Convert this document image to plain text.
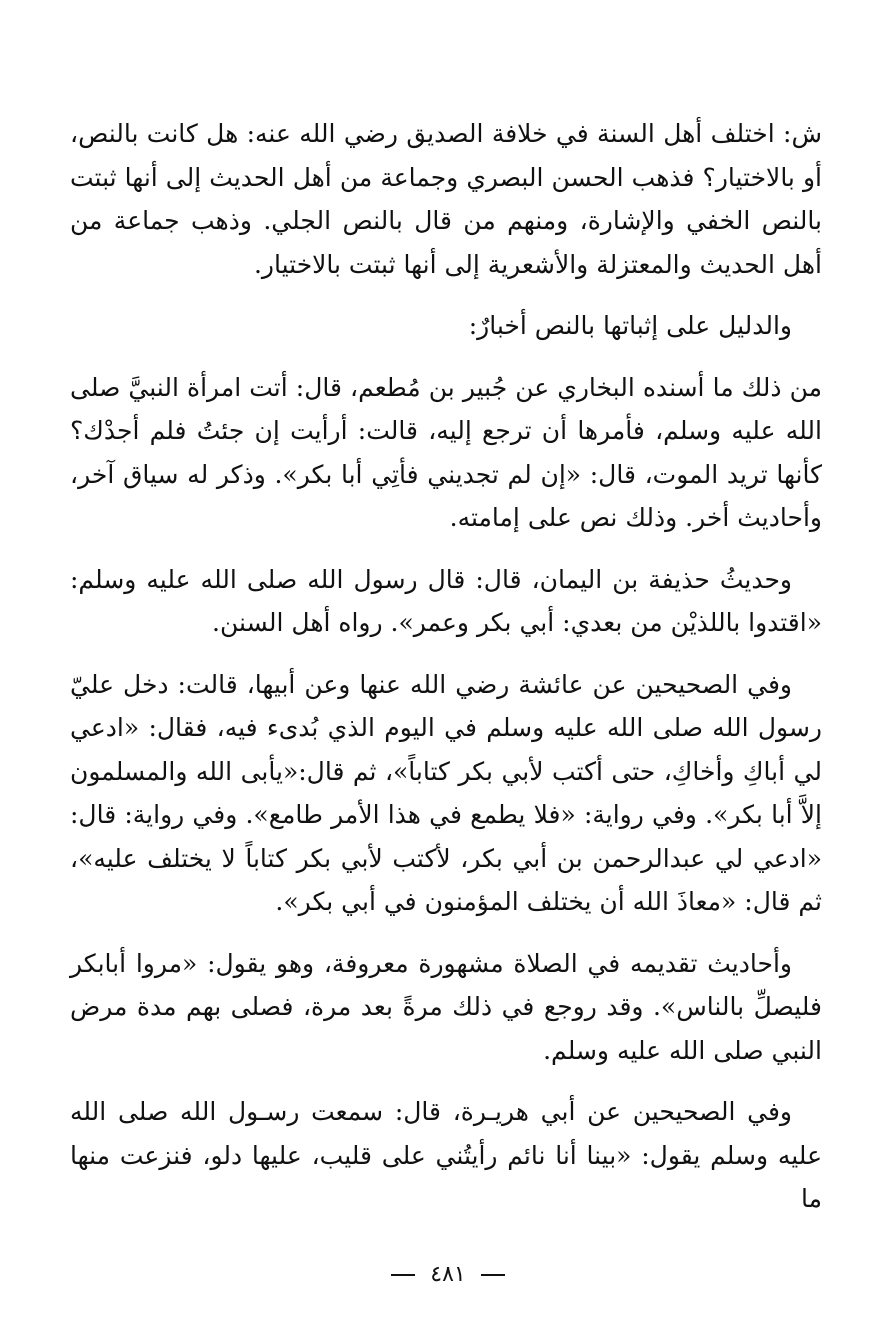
ش: اختلف أهل السنة في خلافة الصديق رضي الله عنه: هل كانت بالنص، أو بالاختيار؟ فذهب الحسن البصري وجماعة من أهل الحديث إلى أنها ثبتت بالنص الخفي والإشارة، ومنهم من قال بالنص الجلي. وذهب جماعة من أهل الحديث والمعتزلة والأشعرية إلى أنها ثبتت بالاختيار.

والدليل على إثباتها بالنص أخبارٌ:

من ذلك ما أسنده البخاري عن جُبير بن مُطعم، قال: أتت امرأة النبيَّ صلى الله عليه وسلم، فأمرها أن ترجع إليه، قالت: أرأيت إن جئتُ فلم أجدْك؟ كأنها تريد الموت، قال: «إن لم تجديني فأتِي أبا بكر». وذكر له سياق آخر، وأحاديث أخر. وذلك نص على إمامته.

وحديثُ حذيفة بن اليمان، قال: قال رسول الله صلى الله عليه وسلم: «اقتدوا باللذيْن من بعدي: أبي بكر وعمر». رواه أهل السنن.

وفي الصحيحين عن عائشة رضي الله عنها وعن أبيها، قالت: دخل عليّ رسول الله صلى الله عليه وسلم في اليوم الذي بُدىء فيه، فقال: «ادعي لي أباكِ وأخاكِ، حتى أكتب لأبي بكر كتاباً»، ثم قال:«يأبى الله والمسلمون إلاَّ أبا بكر». وفي رواية: «فلا يطمع في هذا الأمر طامع». وفي رواية: قال: «ادعي لي عبدالرحمن بن أبي بكر، لأكتب لأبي بكر كتاباً لا يختلف عليه»، ثم قال: «معاذَ الله أن يختلف المؤمنون في أبي بكر».

وأحاديث تقديمه في الصلاة مشهورة معروفة، وهو يقول: «مروا أبابكر فليصلِّ بالناس». وقد روجع في ذلك مرةً بعد مرة، فصلى بهم مدة مرض النبي صلى الله عليه وسلم.

وفي الصحيحين عن أبي هريـرة، قال: سمعت رسـول الله صلى الله عليه وسلم يقول: «بينا أنا نائم رأيتُني على قليب، عليها دلو، فنزعت منها ما

٤٨١
